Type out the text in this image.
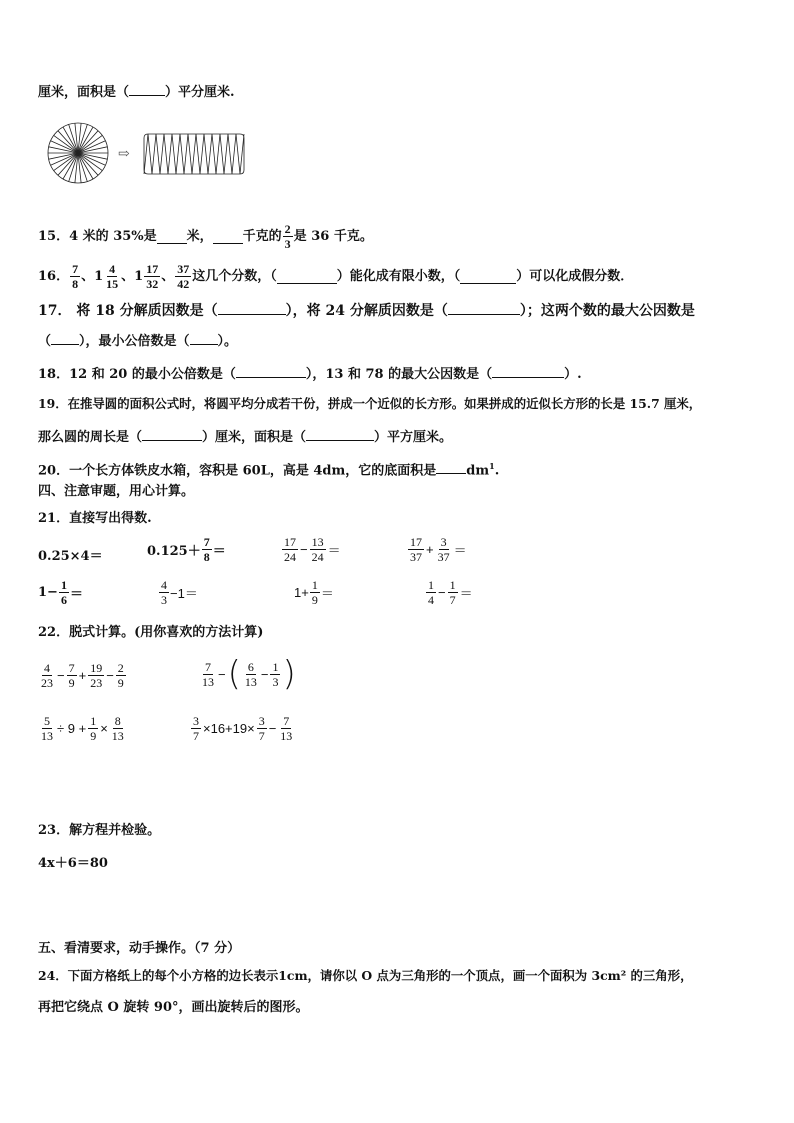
厘米，面积是（	）平分厘米.
⇨
15． 4 米的 35%是 米， 千克的 $\frac{2}{3}$ 是 36 千克。
16． $\frac{7}{8}$ 、 $1 \frac{4}{15}$ 、 $1 \frac{17}{32}$ 、 $\frac{37}{42}$ 这几个分数，（	）能化成有限小数，（	）可以化成假分数．
17． 将 18 分解质因数是（	），将 24 分解质因数是（	）；这两个数的最大公因数是
（ ），最小公倍数是（ ）。
18．12 和 20 的最小公倍数是（	），13 和 78 的最大公因数是（	）.
19．在推导圆的面积公式时，将圆平均分成若干份，拼成一个近似的长方形。如果拼成的近似长方形的长是 15.7 厘米，
那么圆的周长是（	）厘米，面积是（	）平方厘米。
20．一个长方体铁皮水箱，容积是 60L，高是 4dm，它的底面积是 $dm^1$.
四、注意审题，用心计算。
21．直接写出得数.
0.25×4＝	$0.125+ \frac{7}{8}$ ＝	$\frac{17}{24} - \frac{13}{24}$ ＝	$\frac{17}{37} + \frac{3}{37}$ ＝
$1- \frac{1}{6}$ ＝	$\frac{4}{3} -1=$	$1+ \frac{1}{9}$ ＝	$\frac{1}{4} - \frac{1}{7}$ ＝
22．脱式计算。(用你喜欢的方法计算)
$\frac{4}{23} - \frac{7}{9} + \frac{19}{23} - \frac{2}{9}$	$\frac{7}{13}$ − ( $\frac{6}{13} - \frac{1}{3}$ )
$\frac{5}{13} \div 9 + \frac{1}{9} \times \frac{8}{13}$	$\frac{3}{7} \times 16+19\times \frac{3}{7} - \frac{7}{13}$
23．解方程并检验。
4x＋6＝80
五、看清要求，动手操作。（7 分）
24．下面方格纸上的每个小方格的边长表示1cm，请你以 O 点为三角形的一个顶点，画一个面积为 3cm² 的三角形，
再把它绕点 O 旋转 90°，画出旋转后的图形。
